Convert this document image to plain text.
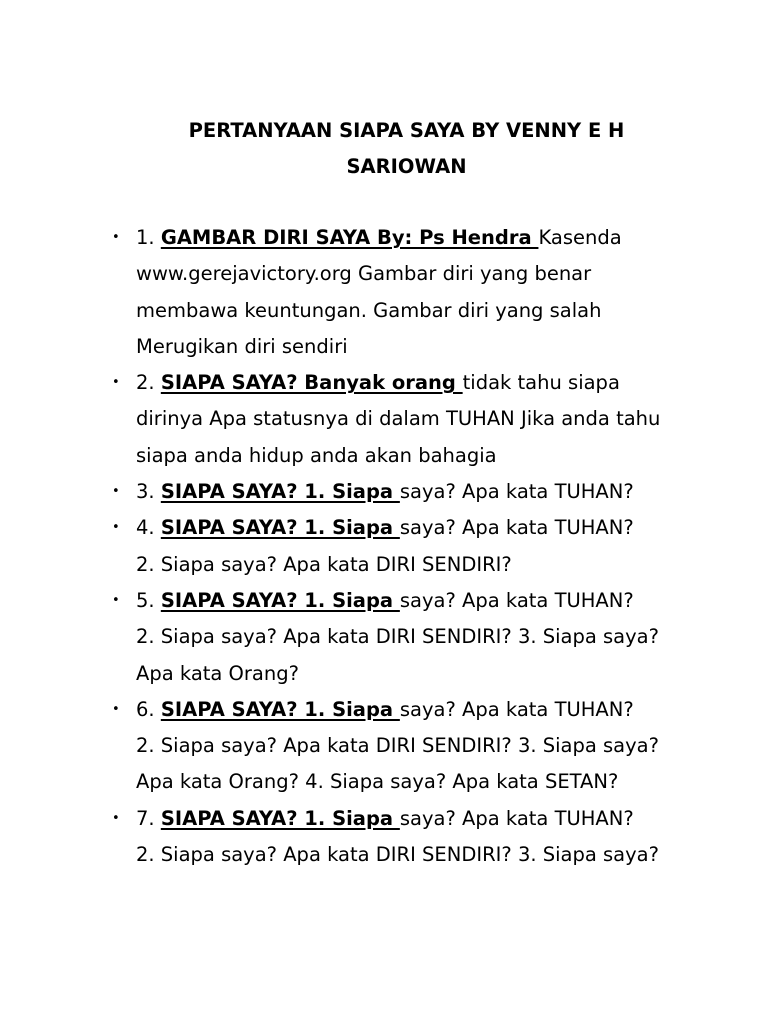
PERTANYAAN SIAPA SAYA BY VENNY E H
SARIOWAN
• 1. GAMBAR DIRI SAYA By: Ps Hendra Kasenda
www.gerejavictory.org Gambar diri yang benar
membawa keuntungan. Gambar diri yang salah
Merugikan diri sendiri
• 2. SIAPA SAYA? Banyak orang tidak tahu siapa
dirinya Apa statusnya di dalam TUHAN Jika anda tahu
siapa anda hidup anda akan bahagia
• 3. SIAPA SAYA? 1. Siapa saya? Apa kata TUHAN?
• 4. SIAPA SAYA? 1. Siapa saya? Apa kata TUHAN?
2. Siapa saya? Apa kata DIRI SENDIRI?
• 5. SIAPA SAYA? 1. Siapa saya? Apa kata TUHAN?
2. Siapa saya? Apa kata DIRI SENDIRI? 3. Siapa saya?
Apa kata Orang?
• 6. SIAPA SAYA? 1. Siapa saya? Apa kata TUHAN?
2. Siapa saya? Apa kata DIRI SENDIRI? 3. Siapa saya?
Apa kata Orang? 4. Siapa saya? Apa kata SETAN?
• 7. SIAPA SAYA? 1. Siapa saya? Apa kata TUHAN?
2. Siapa saya? Apa kata DIRI SENDIRI? 3. Siapa saya?
